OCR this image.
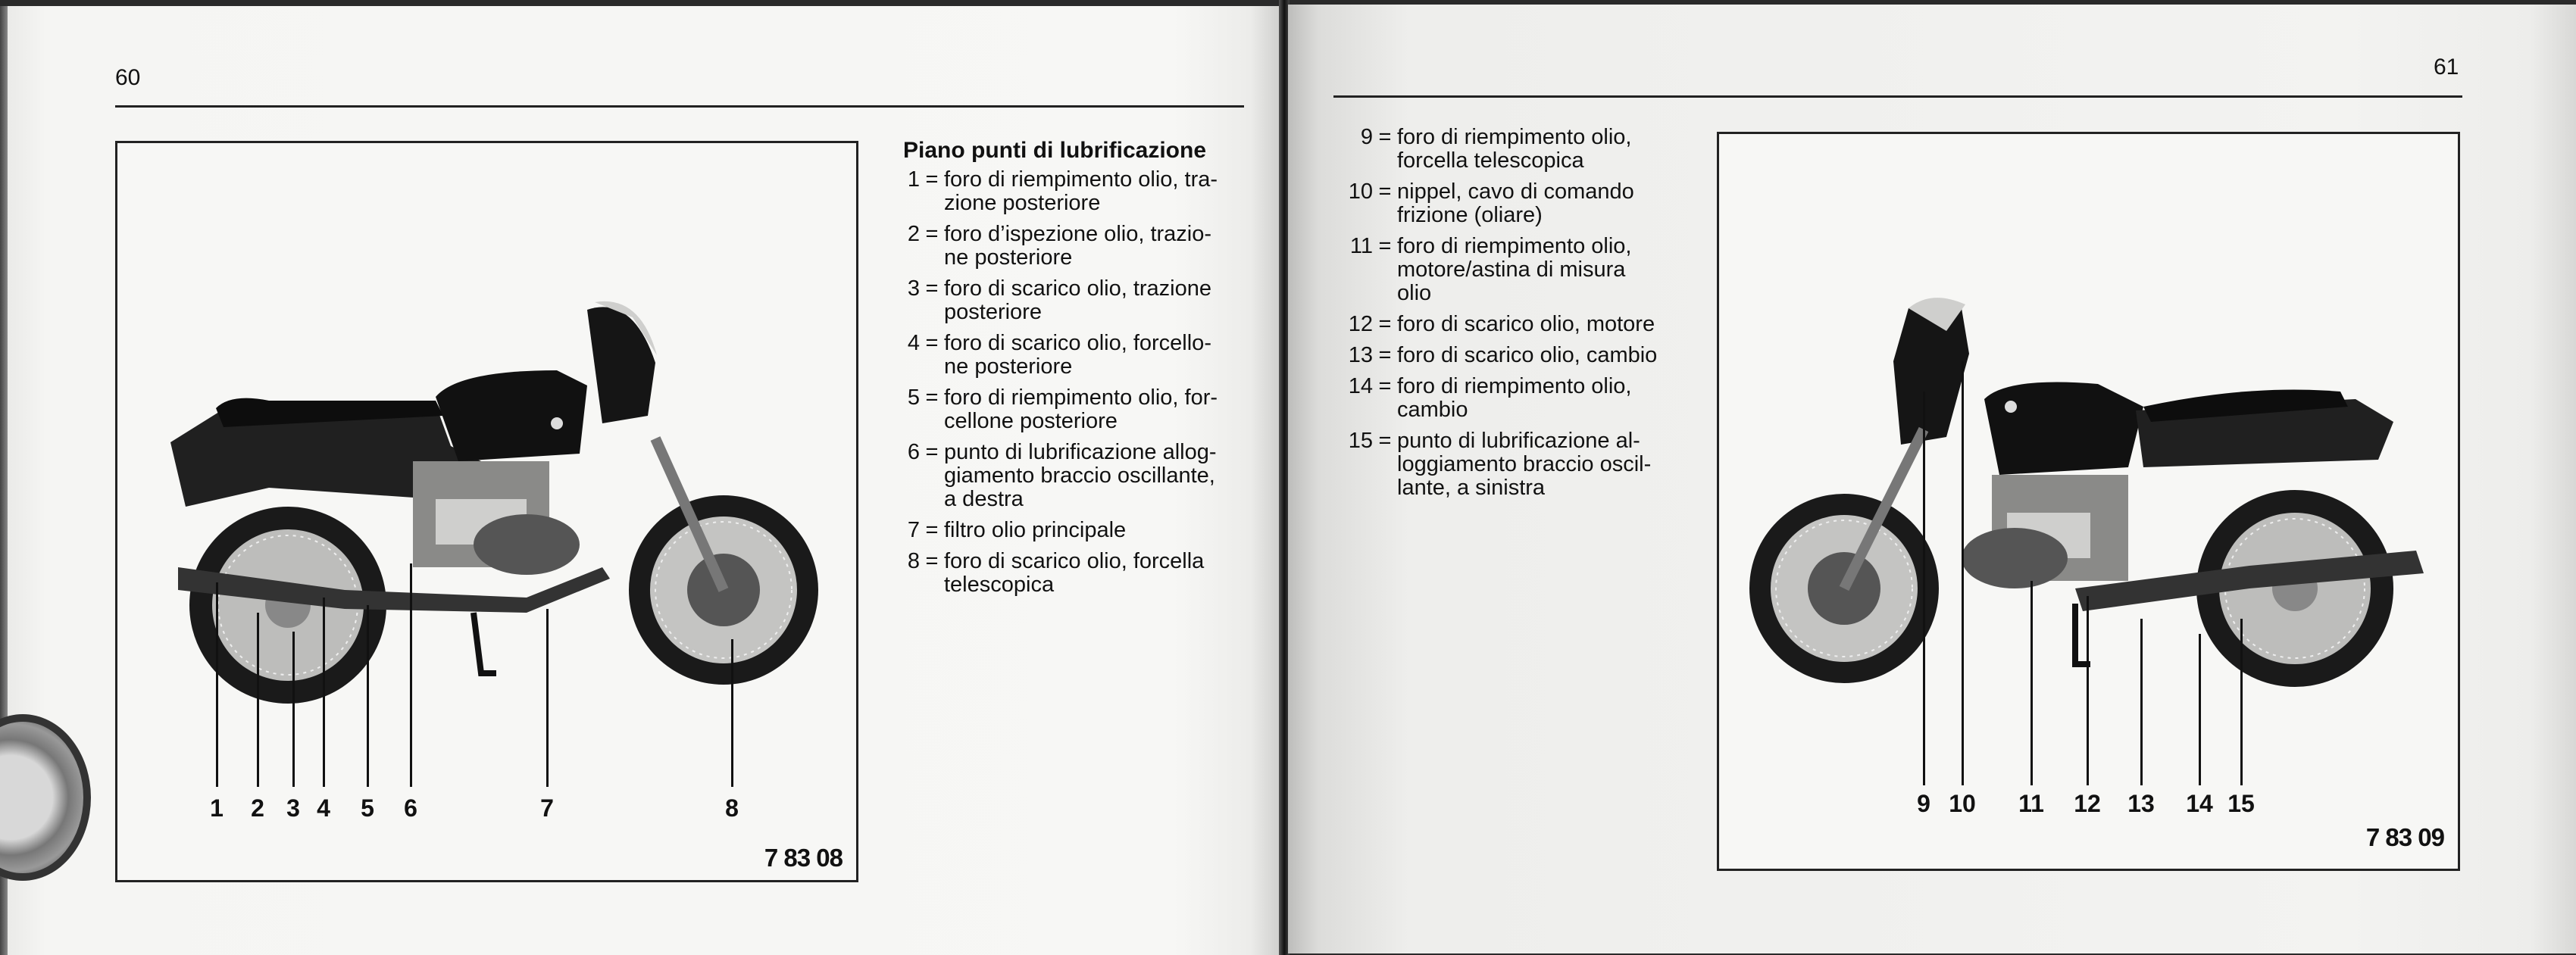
60
1 2 3 4 5 6	7	8
7 83 08
Piano punti di lubrificazione
1 = foro di riempimento olio, tra-
zione posteriore
2 = foro d’ispezione olio, trazio-
ne posteriore
3 = foro di scarico olio, trazione
posteriore
4 = foro di scarico olio, forcello-
ne posteriore
5 = foro di riempimento olio, for-
cellone posteriore
6 = punto di lubrificazione allog-
giamento braccio oscillante,
a destra
7 = filtro olio principale
8 = foro di scarico olio, forcella
telescopica
61
9 = foro di riempimento olio,
forcella telescopica
10 = nippel, cavo di comando
frizione (oliare)
11 = foro di riempimento olio,
motore/astina di misura
olio
12 = foro di scarico olio, motore
13 = foro di scarico olio, cambio
14 = foro di riempimento olio,
cambio
15 = punto di lubrificazione al-
loggiamento braccio oscil-
lante, a sinistra
9 10 11 12 13 14 15
7 83 09
